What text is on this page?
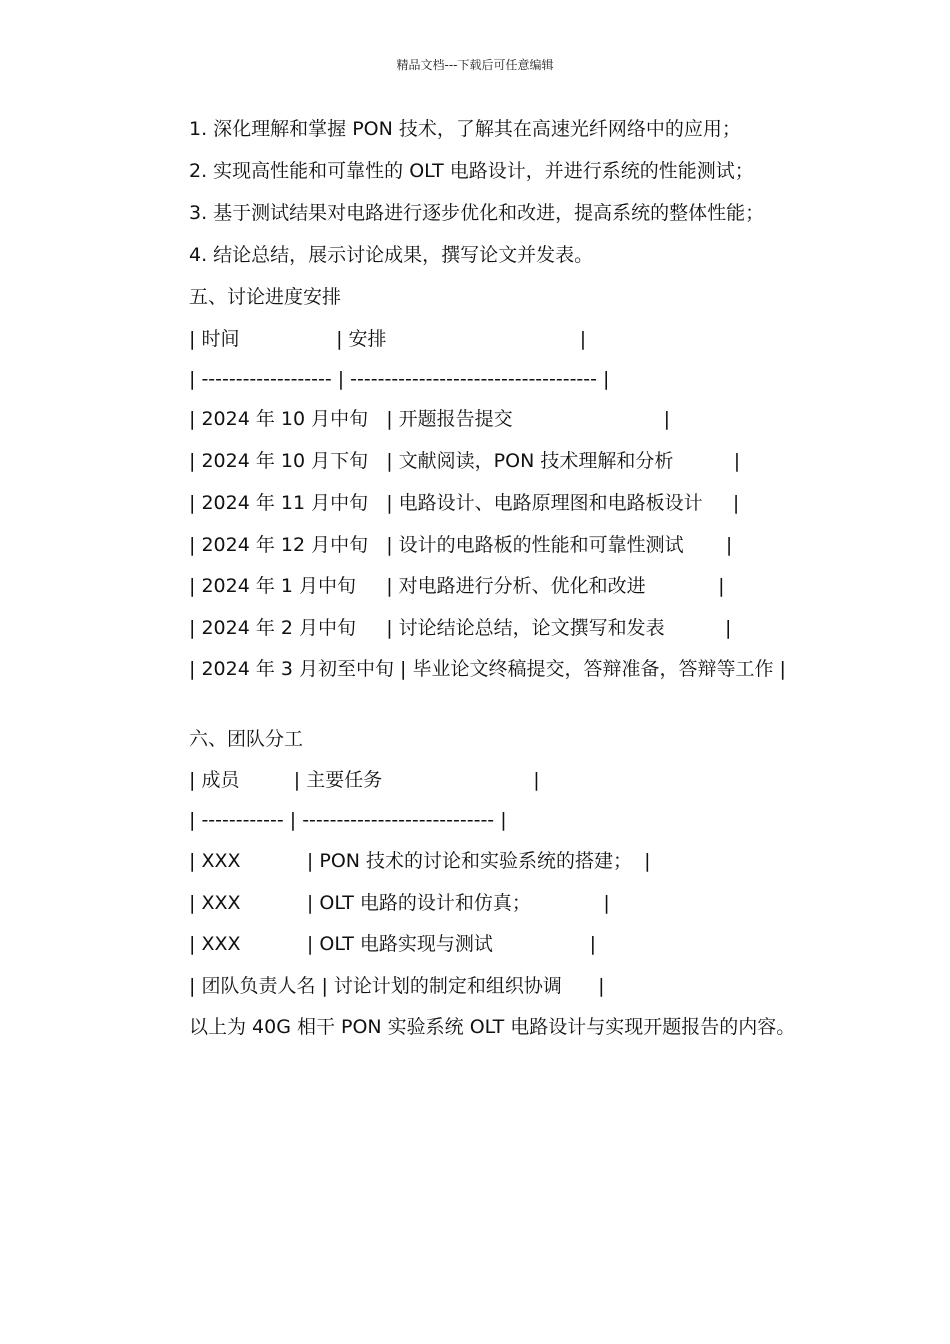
精品文档---下载后可任意编辑
1. 深化理解和掌握 PON 技术，了解其在高速光纤网络中的应用；
2. 实现高性能和可靠性的 OLT 电路设计，并进行系统的性能测试；
3. 基于测试结果对电路进行逐步优化和改进，提高系统的整体性能；
4. 结论总结，展示讨论成果，撰写论文并发表。
五、讨论进度安排
| 时间                | 安排                                |
| ------------------- | ------------------------------------ |
| 2024 年 10 月中旬   | 开题报告提交                         |
| 2024 年 10 月下旬   | 文献阅读，PON 技术理解和分析          |
| 2024 年 11 月中旬   | 电路设计、电路原理图和电路板设计     |
| 2024 年 12 月中旬   | 设计的电路板的性能和可靠性测试       |
| 2024 年 1 月中旬     | 对电路进行分析、优化和改进            |
| 2024 年 2 月中旬     | 讨论结论总结，论文撰写和发表          |
| 2024 年 3 月初至中旬 | 毕业论文终稿提交，答辩准备，答辩等工作 |
六、团队分工
| 成员         | 主要任务                         |
| ------------ | ---------------------------- |
| XXX           | PON 技术的讨论和实验系统的搭建；  |
| XXX           | OLT 电路的设计和仿真；            |
| XXX           | OLT 电路实现与测试                |
| 团队负责人名 | 讨论计划的制定和组织协调      |
以上为 40G 相干 PON 实验系统 OLT 电路设计与实现开题报告的内容。
